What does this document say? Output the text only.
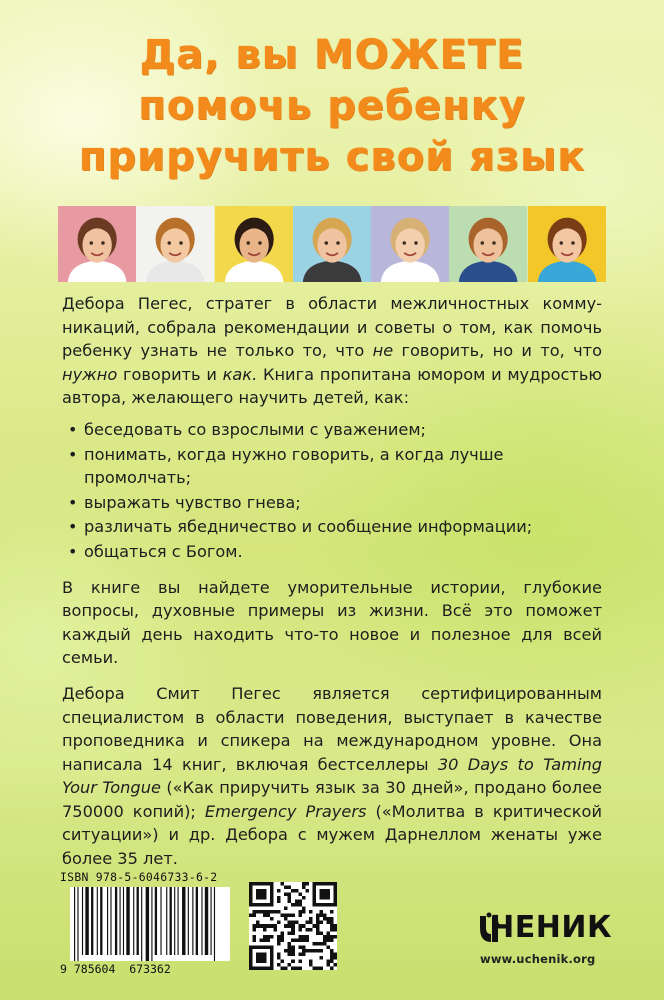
Да, вы МОЖЕТЕ
помочь ребенку
приручить свой язык

Дебора Пегес, стратег в области межличностных коммуникаций, собрала рекомендации и советы о том, как помочь ребенку узнать не только то, что не говорить, но и то, что нужно говорить и как. Книга пропитана юмором и мудростью автора, желающего научить детей, как:

• беседовать со взрослыми с уважением;
• понимать, когда нужно говорить, а когда лучше промолчать;
• выражать чувство гнева;
• различать ябедничество и сообщение информации;
• общаться с Богом.

В книге вы найдете уморительные истории, глубокие вопросы, духовные примеры из жизни. Всё это поможет каждый день находить что-то новое и полезное для всей семьи.

Дебора Смит Пегес является сертифицированным специалистом в области поведения, выступает в качестве проповедника и спикера на международном уровне. Она написала 14 книг, включая бестселлеры 30 Days to Taming Your Tongue («Как приручить язык за 30 дней», продано более 750000 копий); Emergency Prayers («Молитва в критической ситуации») и др. Дебора с мужем Дарнеллом женаты уже более 35 лет.

ISBN 978-5-6046733-6-2
9 785604  673362
ЧЕНИК
www.uchenik.org
